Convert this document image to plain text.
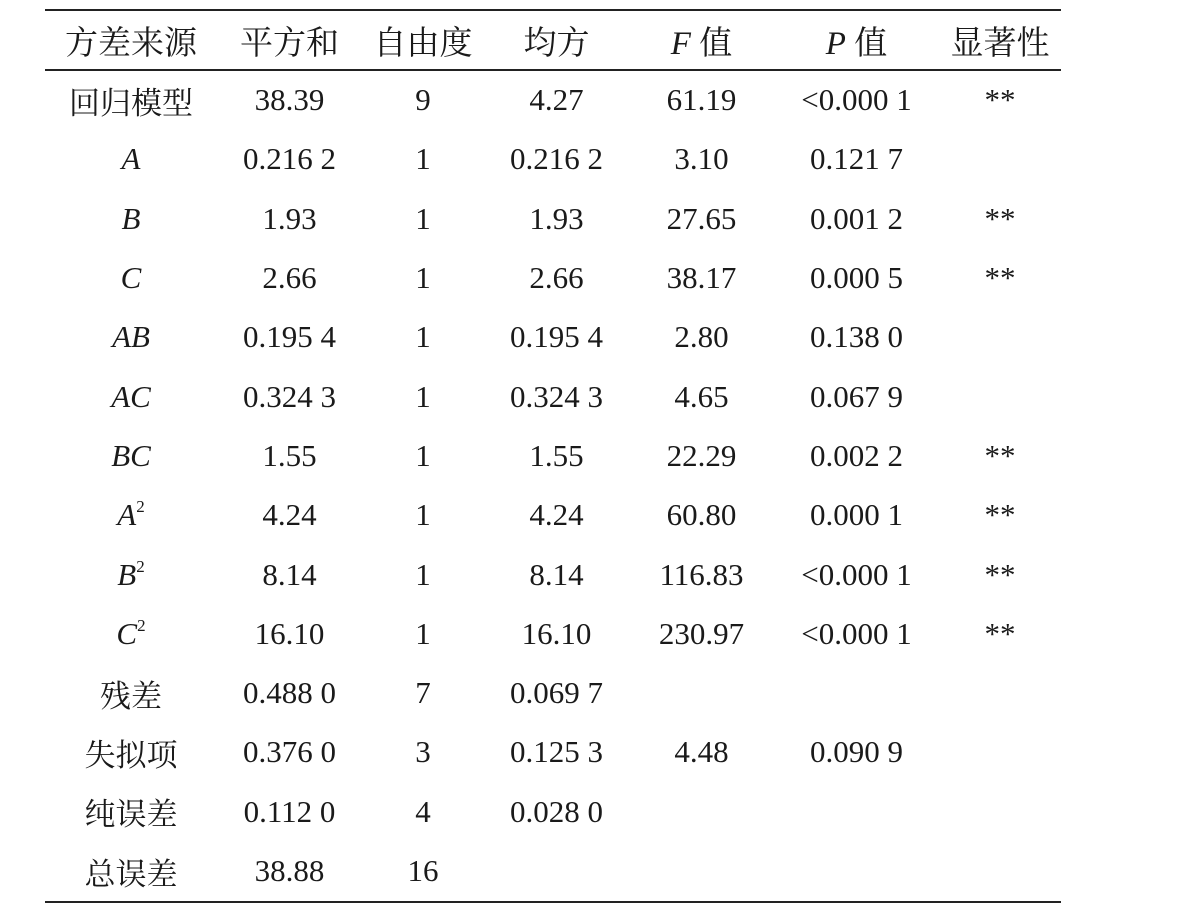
方差来源	平方和	自由度	均方	F 值	P 值	显著性
回归模型	38.39	9	4.27	61.19	<0.000 1	**
A	0.216 2	1	0.216 2	3.10	0.121 7	
B	1.93	1	1.93	27.65	0.001 2	**
C	2.66	1	2.66	38.17	0.000 5	**
AB	0.195 4	1	0.195 4	2.80	0.138 0	
AC	0.324 3	1	0.324 3	4.65	0.067 9	
BC	1.55	1	1.55	22.29	0.002 2	**
$A^2$	4.24	1	4.24	60.80	0.000 1	**
$B^2$	8.14	1	8.14	116.83	<0.000 1	**
$C^2$	16.10	1	16.10	230.97	<0.000 1	**
残差	0.488 0	7	0.069 7			
失拟项	0.376 0	3	0.125 3	4.48	0.090 9	
纯误差	0.112 0	4	0.028 0			
总误差	38.88	16				
